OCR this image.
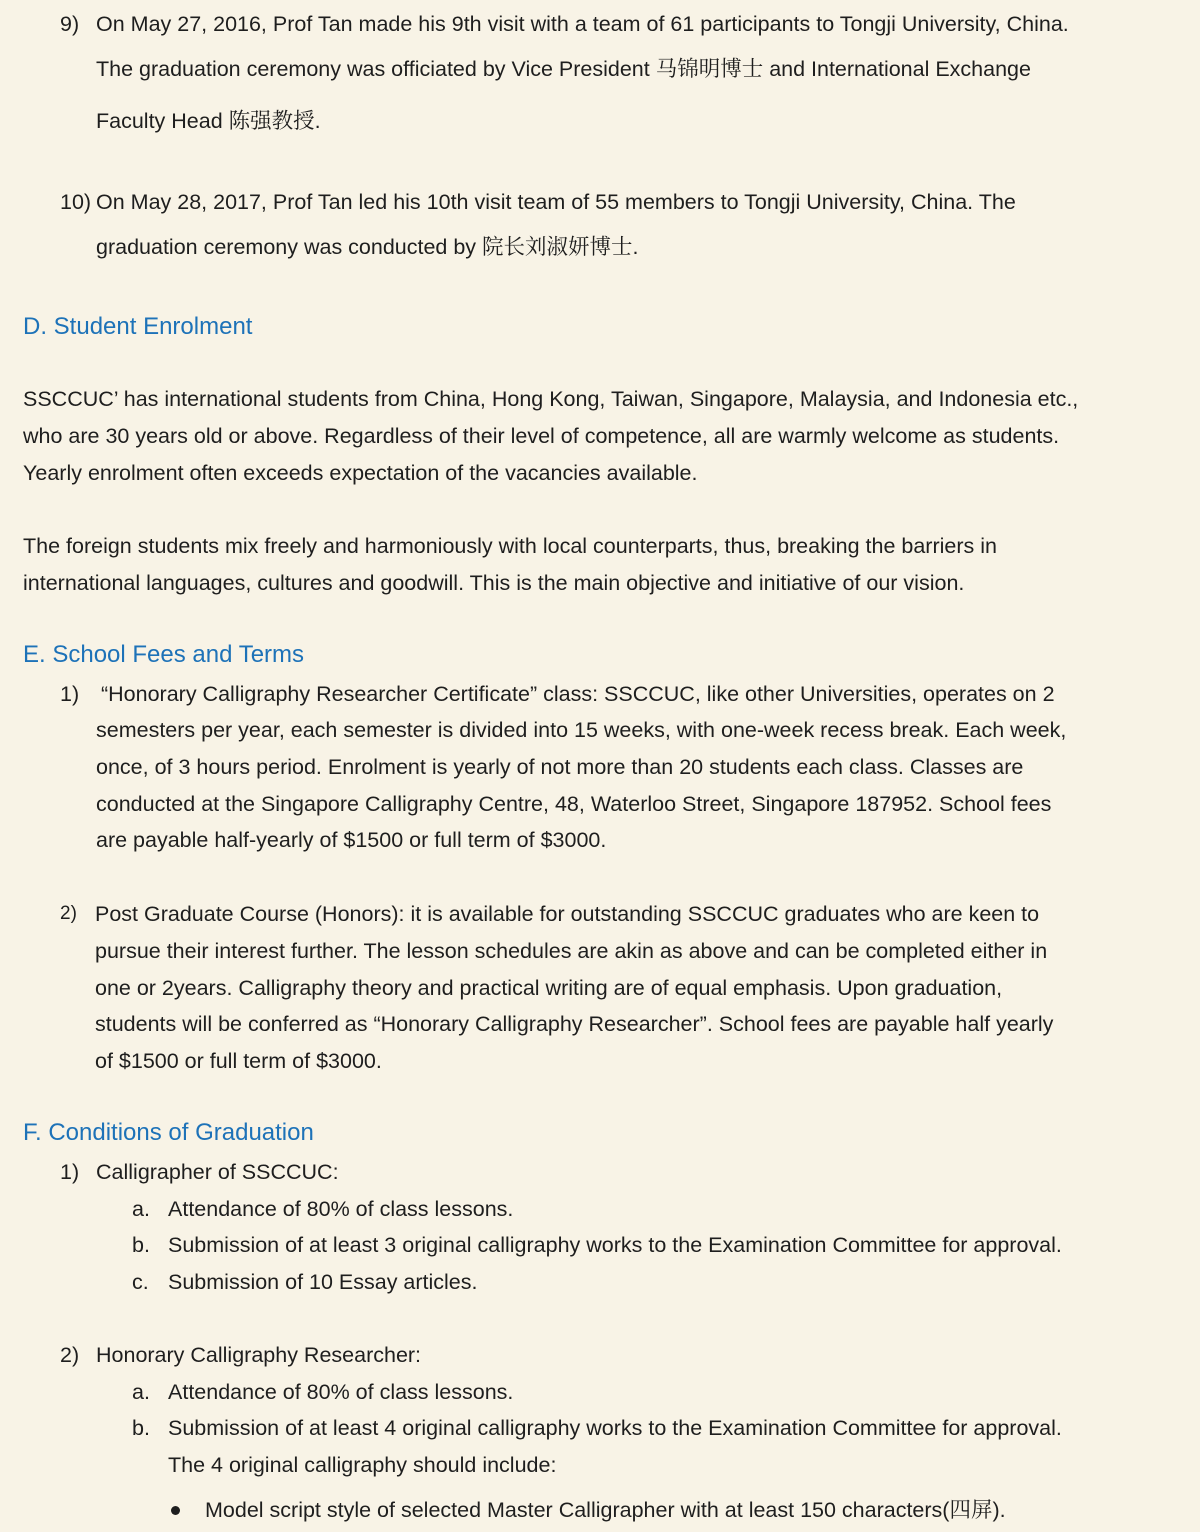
9) On May 27, 2016, Prof Tan made his 9th visit with a team of 61 participants to Tongji University, China.
The graduation ceremony was officiated by Vice President 马锦明博士 and International Exchange
Faculty Head 陈强教授.
10) On May 28, 2017, Prof Tan led his 10th visit team of 55 members to Tongji University, China. The
graduation ceremony was conducted by 院长刘淑妍博士.
D. Student Enrolment
SSCCUC’ has international students from China, Hong Kong, Taiwan, Singapore, Malaysia, and Indonesia etc.,
who are 30 years old or above. Regardless of their level of competence, all are warmly welcome as students.
Yearly enrolment often exceeds expectation of the vacancies available.
The foreign students mix freely and harmoniously with local counterparts, thus, breaking the barriers in
international languages, cultures and goodwill. This is the main objective and initiative of our vision.
E. School Fees and Terms
1) “Honorary Calligraphy Researcher Certificate” class: SSCCUC, like other Universities, operates on 2
semesters per year, each semester is divided into 15 weeks, with one-week recess break. Each week,
once, of 3 hours period. Enrolment is yearly of not more than 20 students each class. Classes are
conducted at the Singapore Calligraphy Centre, 48, Waterloo Street, Singapore 187952. School fees
are payable half-yearly of $1500 or full term of $3000.
2) Post Graduate Course (Honors): it is available for outstanding SSCCUC graduates who are keen to
pursue their interest further. The lesson schedules are akin as above and can be completed either in
one or 2years. Calligraphy theory and practical writing are of equal emphasis. Upon graduation,
students will be conferred as “Honorary Calligraphy Researcher”. School fees are payable half yearly
of $1500 or full term of $3000.
F. Conditions of Graduation
1) Calligrapher of SSCCUC:
a. Attendance of 80% of class lessons.
b. Submission of at least 3 original calligraphy works to the Examination Committee for approval.
c. Submission of 10 Essay articles.
2) Honorary Calligraphy Researcher:
a. Attendance of 80% of class lessons.
b. Submission of at least 4 original calligraphy works to the Examination Committee for approval.
The 4 original calligraphy should include:
Model script style of selected Master Calligrapher with at least 150 characters(四屏).
